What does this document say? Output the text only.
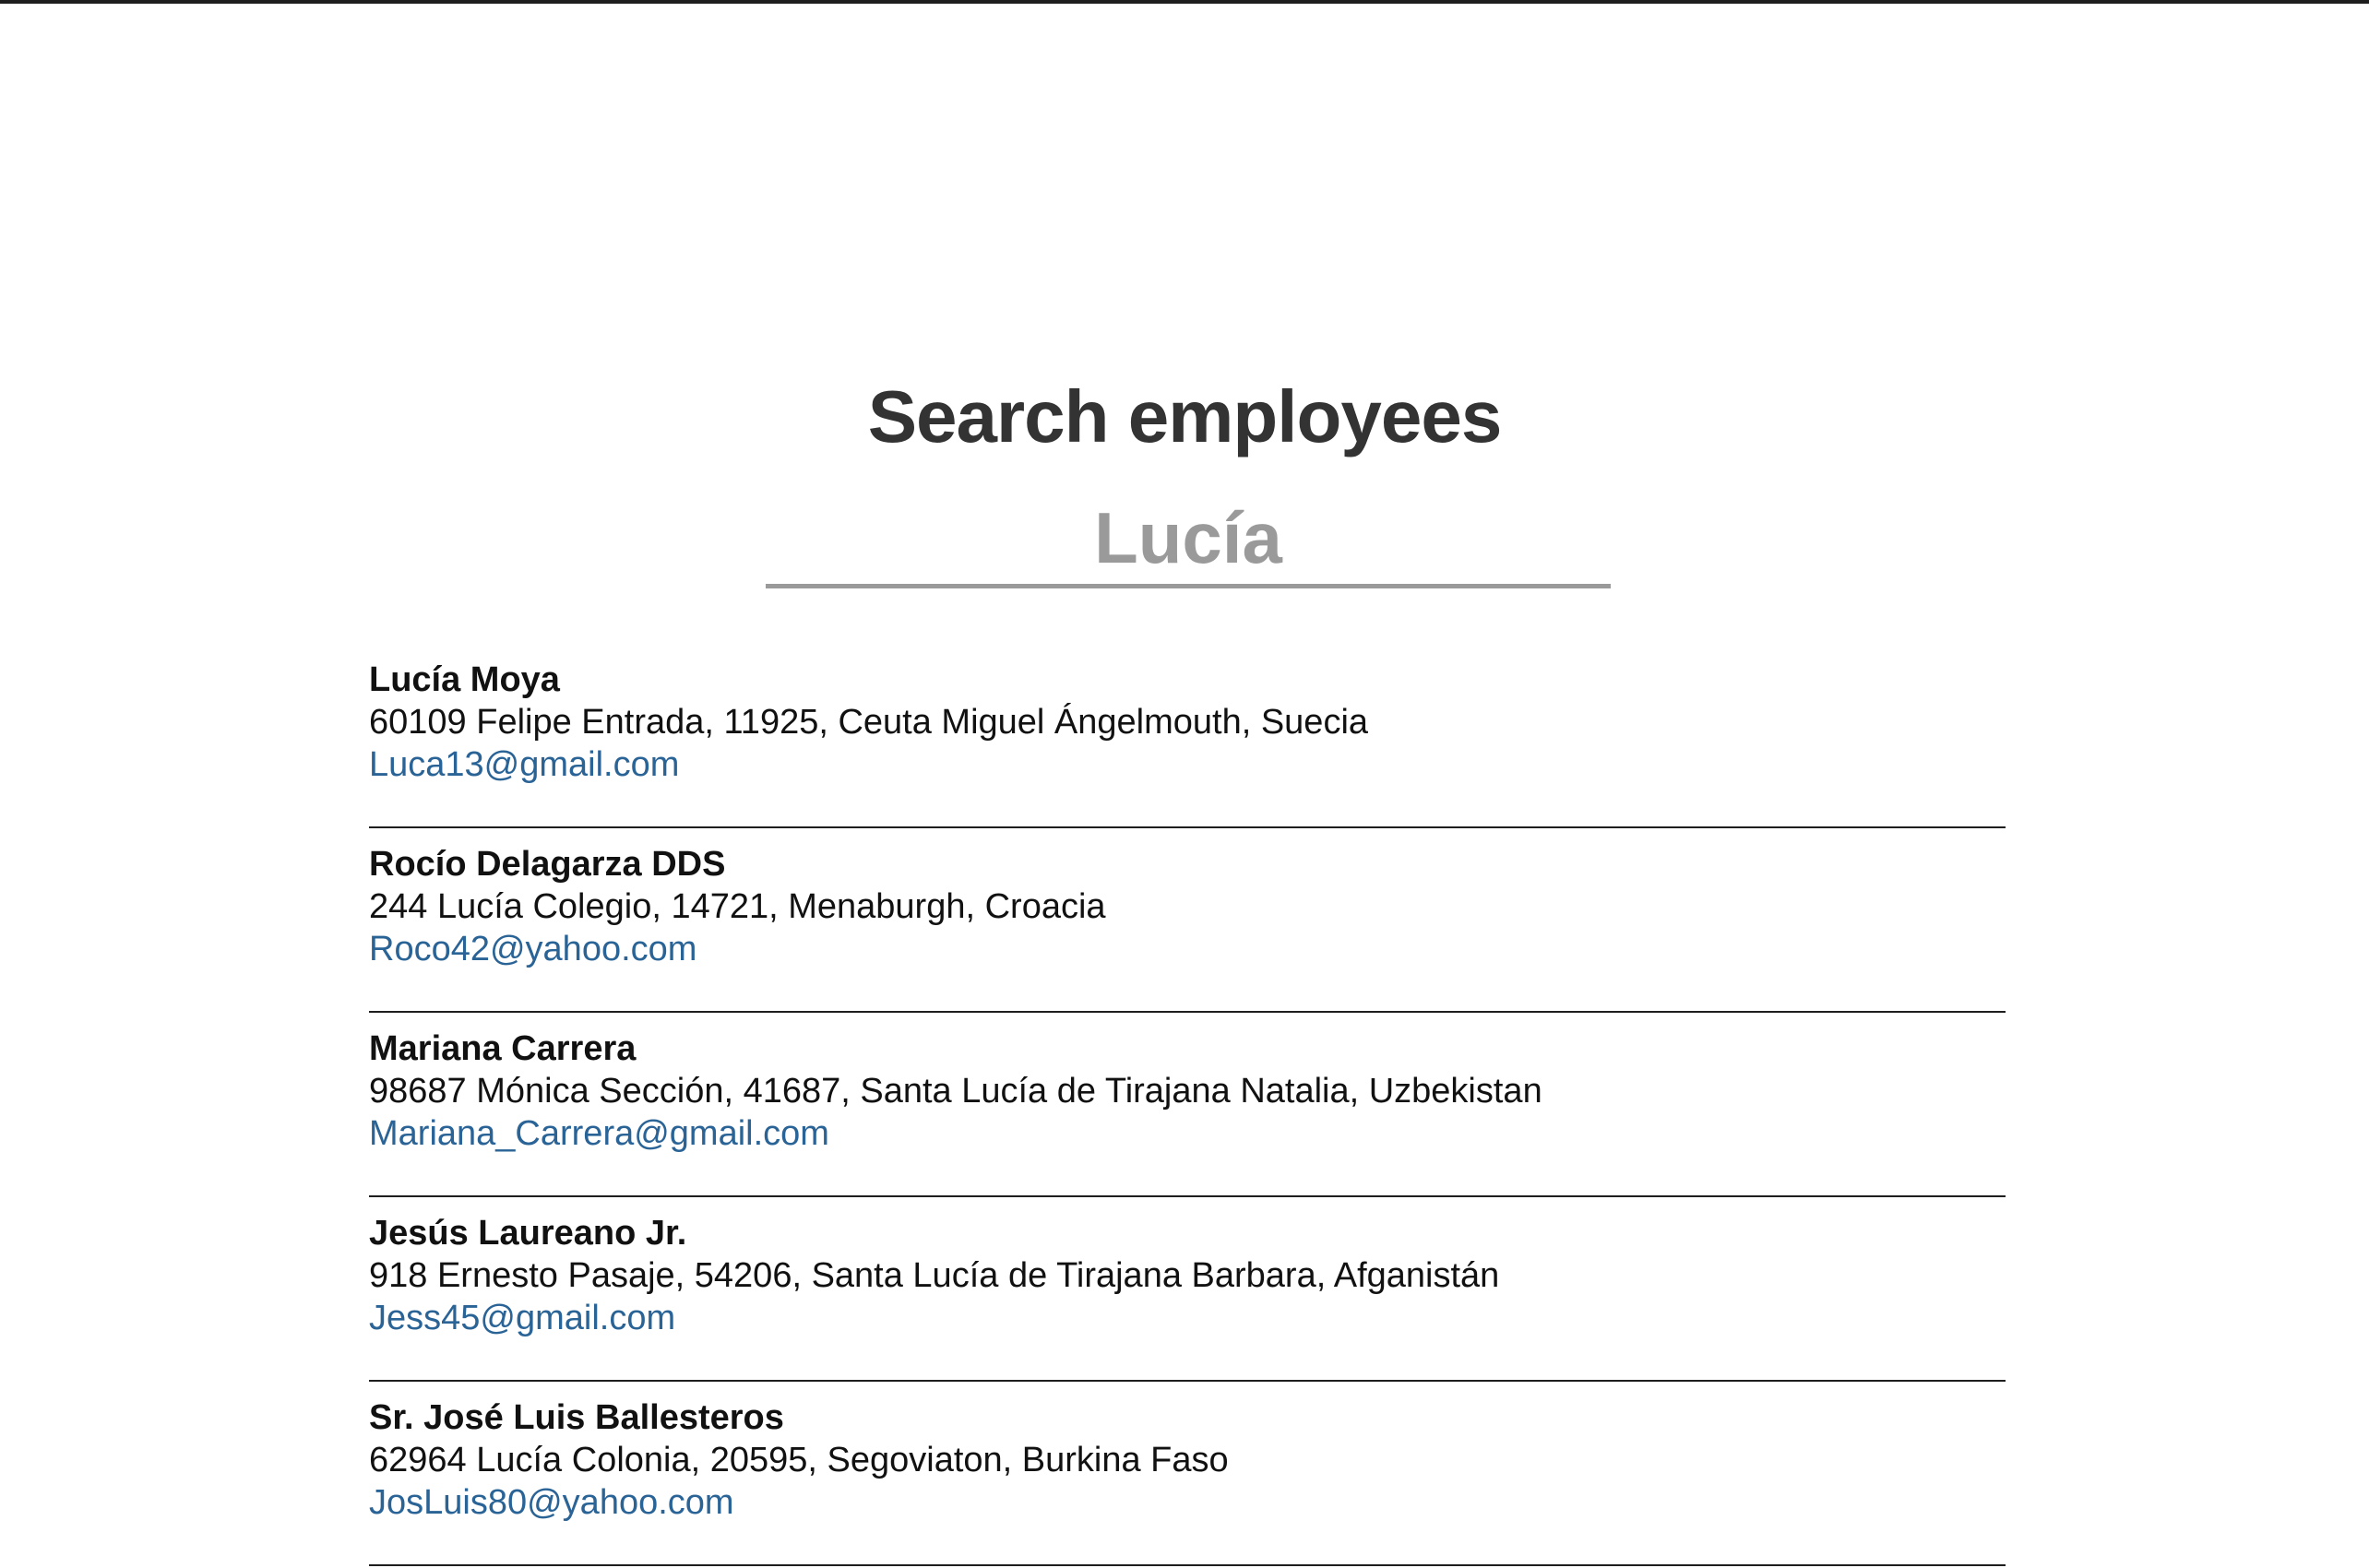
Search employees
Lucía
Lucía Moya
60109 Felipe Entrada, 11925, Ceuta Miguel Ángelmouth, Suecia
Luca13@gmail.com
Rocío Delagarza DDS
244 Lucía Colegio, 14721, Menaburgh, Croacia
Roco42@yahoo.com
Mariana Carrera
98687 Mónica Sección, 41687, Santa Lucía de Tirajana Natalia, Uzbekistan
Mariana_Carrera@gmail.com
Jesús Laureano Jr.
918 Ernesto Pasaje, 54206, Santa Lucía de Tirajana Barbara, Afganistán
Jess45@gmail.com
Sr. José Luis Ballesteros
62964 Lucía Colonia, 20595, Segoviaton, Burkina Faso
JosLuis80@yahoo.com
